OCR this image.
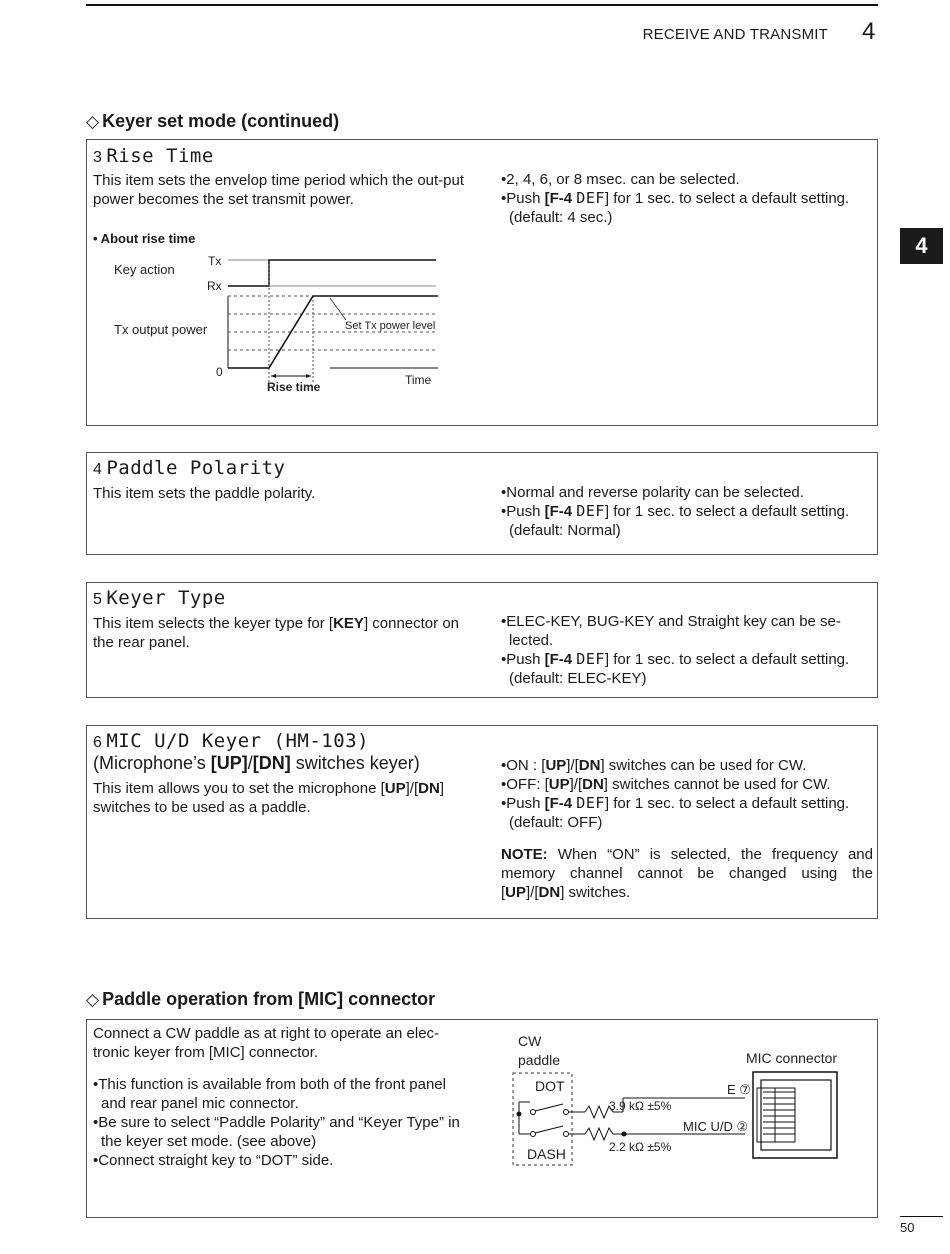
RECEIVE AND TRANSMIT 4
4
◇ Keyer set mode (continued)
3 Rise Time
This item sets the envelop time period which the out-put power becomes the set transmit power.
• 2, 4, 6, or 8 msec. can be selected.
• Push [F-4 DEF] for 1 sec. to select a default setting.
(default: 4 sec.)
• About rise time
Key action
Tx
Rx
Tx output power
0
Set Tx power level
Rise time	Time
4 Paddle Polarity
This item sets the paddle polarity.
•	Normal and reverse polarity can be selected.
• Push [F-4 DEF] for 1 sec. to select a default setting.
(default: Normal)
5 Keyer Type
This item selects the keyer type for [KEY] connector on the rear panel.
• ELEC-KEY, BUG-KEY and Straight key can be se-lected.
• Push [F-4 DEF] for 1 sec. to select a default setting.
(default: ELEC-KEY)
6 MIC U/D Keyer (HM-103)
(Microphone’s [UP]/[DN] switches keyer)
This item allows you to set the microphone [UP]/[DN] switches to be used as a paddle.
• ON : [UP]/[DN] switches can be used for CW.
• OFF: [UP]/[DN] switches cannot be used for CW.
• Push [F-4 DEF] for 1 sec. to select a default setting.
(default: OFF)
NOTE: When “ON” is selected, the frequency and memory channel cannot be changed using the [UP]/[DN] switches.
◇ Paddle operation from [MIC] connector
Connect a CW paddle as at right to operate an elec-tronic keyer from [MIC] connector.
• This function is available from both of the front panel and rear panel mic connector.
• Be sure to select “Paddle Polarity” and “Keyer Type” in the keyer set mode. (see above)
• Connect straight key to “DOT” side.
CW
paddle	MIC connector
DOT
DASH
3.9 kΩ ±5%
2.2 kΩ ±5%
E ⑦
MIC U/D ②
50
